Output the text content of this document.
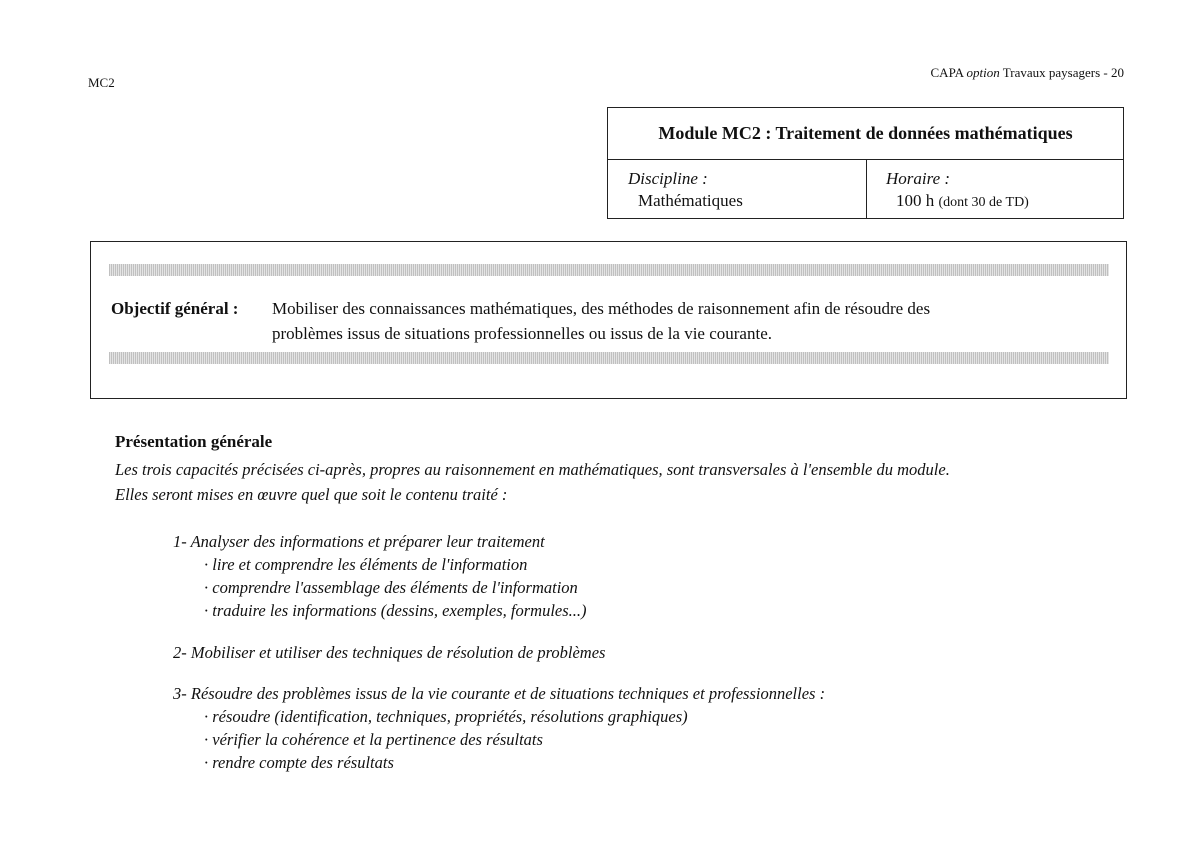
MC2
CAPA option Travaux paysagers - 20
Module MC2 : Traitement de données mathématiques
Discipline :
Mathématiques
Horaire :
100 h (dont 30 de TD)
Objectif général : Mobiliser des connaissances mathématiques, des méthodes de raisonnement afin de résoudre des
problèmes issus de situations professionnelles ou issus de la vie courante.
Présentation générale
Les trois capacités précisées ci-après, propres au raisonnement en mathématiques, sont transversales à l'ensemble du module.
Elles seront mises en œuvre quel que soit le contenu traité :
1- Analyser des informations et préparer leur traitement
· lire et comprendre les éléments de l'information
· comprendre l'assemblage des éléments de l'information
· traduire les informations (dessins, exemples, formules...)
2- Mobiliser et utiliser des techniques de résolution de problèmes
3- Résoudre des problèmes issus de la vie courante et de situations techniques et professionnelles :
· résoudre (identification, techniques, propriétés, résolutions graphiques)
· vérifier la cohérence et la pertinence des résultats
· rendre compte des résultats
